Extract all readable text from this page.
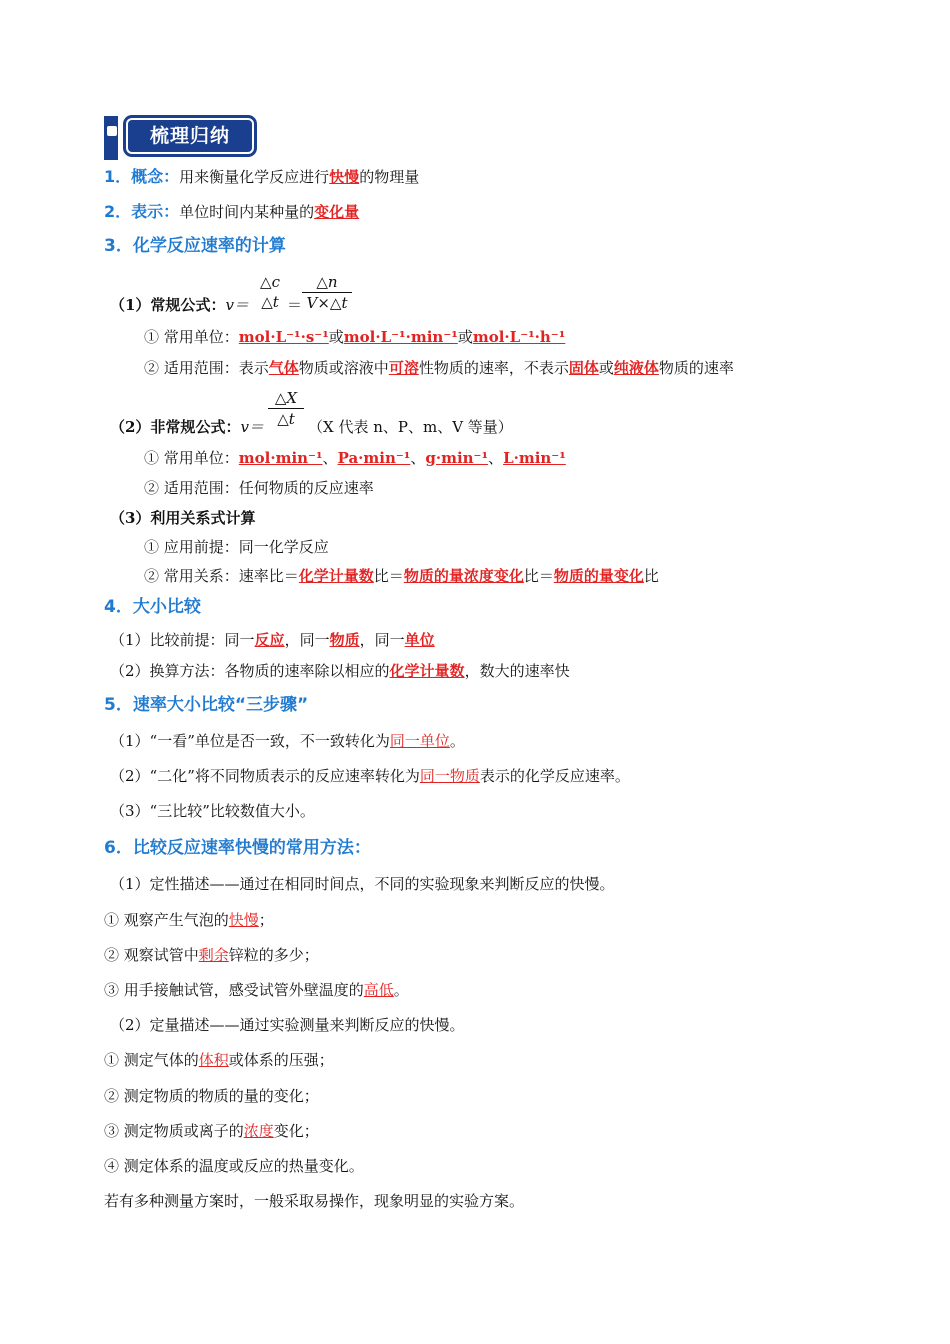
梳理归纳
1．概念：用来衡量化学反应进行快慢的物理量
2．表示：单位时间内某种量的变化量
3．化学反应速率的计算
（1）常规公式：v＝
△c
△t ＝ $\frac{\triangle n}{V\times\triangle t}$
① 常用单位：mol·L⁻¹·s⁻¹或mol·L⁻¹·min⁻¹或mol·L⁻¹·h⁻¹
② 适用范围：表示气体物质或溶液中可溶性物质的速率，不表示固体或纯液体物质的速率
（2）非常规公式：$v= \frac{\triangle X}{\triangle t} (X$ 代表 n、P、m、V 等量）
① 常用单位：mol·min⁻¹、Pa·min⁻¹、g·min⁻¹、L·min⁻¹
② 适用范围：任何物质的反应速率
（3）利用关系式计算
① 应用前提：同一化学反应
② 常用关系：速率比＝化学计量数比＝物质的量浓度变化比＝物质的量变化比
4．大小比较
（1）比较前提：同一反应，同一物质，同一单位
（2）换算方法：各物质的速率除以相应的化学计量数，数大的速率快
5．速率大小比较“三步骤”
（1）“一看”单位是否一致，不一致转化为同一单位。
（2）“二化”将不同物质表示的反应速率转化为同一物质表示的化学反应速率。
（3）“三比较”比较数值大小。
6．比较反应速率快慢的常用方法：
（1）定性描述——通过在相同时间点，不同的实验现象来判断反应的快慢。
① 观察产生气泡的快慢；
② 观察试管中剩余锌粒的多少；
③ 用手接触试管，感受试管外壁温度的高低。
（2）定量描述——通过实验测量来判断反应的快慢。
① 测定气体的体积或体系的压强；
② 测定物质的物质的量的变化；
③ 测定物质或离子的浓度变化；
④ 测定体系的温度或反应的热量变化。
若有多种测量方案时，一般采取易操作，现象明显的实验方案。
